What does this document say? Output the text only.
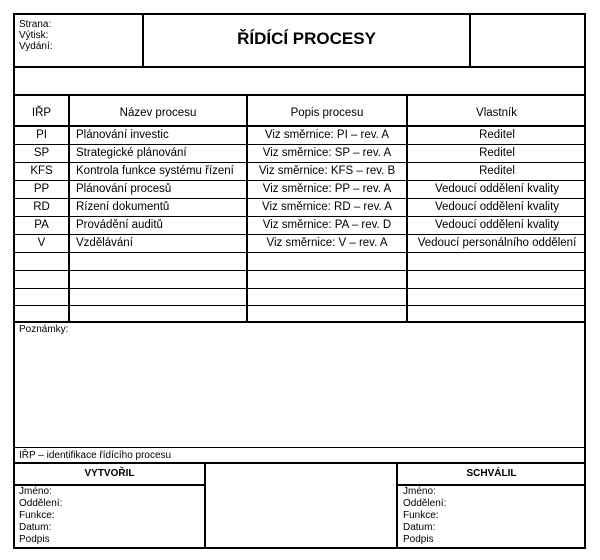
Strana:
Výtisk:
Vydání:	ŘÍDÍCÍ PROCESY
IŘP	Název procesu	Popis procesu	Vlastník
PI	Plánování investic	Viz směrnice: PI – rev. A	Ředitel
SP	Strategické plánování	Viz směrnice: SP – rev. A	Ředitel
KFS	Kontrola funkce systému řízení	Viz směrnice: KFS – rev. B	Ředitel
PP	Plánování procesů	Viz směrnice: PP – rev. A	Vedoucí oddělení kvality
ŘD	Řízení dokumentů	Viz směrnice: RD – rev. A	Vedoucí oddělení kvality
PA	Provádění auditů	Viz směrnice: PA – rev. D	Vedoucí oddělení kvality
V	Vzdělávání	Viz směrnice: V – rev. A	Vedoucí personálního oddělení
Poznámky:
IŘP – identifikace řídícího procesu
VYTVOŘIL	SCHVÁLIL
Jméno:
Oddělení:
Funkce:
Datum:
Podpis
Jméno:
Oddělení:
Funkce:
Datum:
Podpis
